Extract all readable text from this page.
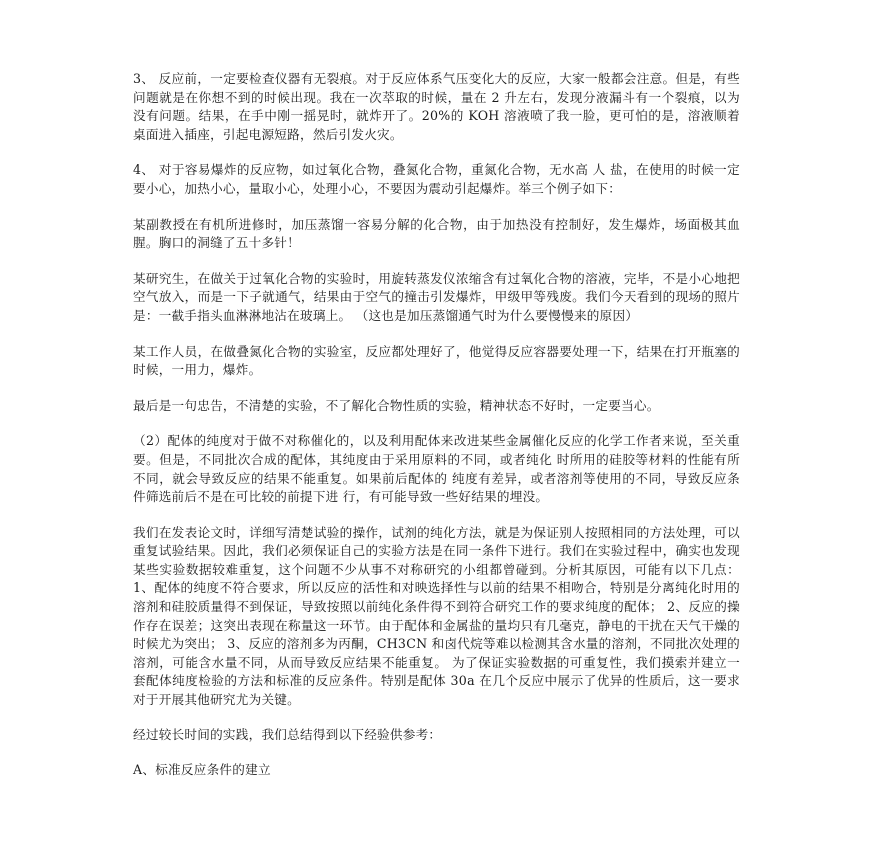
3、 反应前，一定要检查仪器有无裂痕。对于反应体系气压变化大的反应，大家一般都会注意。但是，有些问题就是在你想不到的时候出现。我在一次萃取的时候，量在 2 升左右，发现分液漏斗有一个裂痕，以为没有问题。结果，在手中刚一摇晃时，就炸开了。20%的 KOH 溶液喷了我一脸，更可怕的是，溶液顺着桌面进入插座，引起电源短路，然后引发火灾。

4、 对于容易爆炸的反应物，如过氧化合物，叠氮化合物，重氮化合物，无水高 人 盐，在使用的时候一定要小心，加热小心，量取小心，处理小心，不要因为震动引起爆炸。举三个例子如下：

某副教授在有机所进修时，加压蒸馏一容易分解的化合物，由于加热没有控制好，发生爆炸，场面极其血腥。胸口的洞缝了五十多针！

某研究生，在做关于过氧化合物的实验时，用旋转蒸发仪浓缩含有过氧化合物的溶液，完毕，不是小心地把空气放入，而是一下子就通气，结果由于空气的撞击引发爆炸，甲级甲等残废。我们今天看到的现场的照片是：一截手指头血淋淋地沾在玻璃上。 （这也是加压蒸馏通气时为什么要慢慢来的原因）

某工作人员，在做叠氮化合物的实验室，反应都处理好了，他觉得反应容器要处理一下，结果在打开瓶塞的时候，一用力，爆炸。

最后是一句忠告，不清楚的实验，不了解化合物性质的实验，精神状态不好时，一定要当心。

（2）配体的纯度对于做不对称催化的，以及利用配体来改进某些金属催化反应的化学工作者来说，至关重要。但是，不同批次合成的配体，其纯度由于采用原料的不同，或者纯化 时所用的硅胶等材料的性能有所不同，就会导致反应的结果不能重复。如果前后配体的 纯度有差异，或者溶剂等使用的不同，导致反应条件筛选前后不是在可比较的前提下进 行，有可能导致一些好结果的埋没。

我们在发表论文时，详细写清楚试验的操作，试剂的纯化方法，就是为保证别人按照相同的方法处理，可以重复试验结果。因此，我们必须保证自己的实验方法是在同一条件下进行。我们在实验过程中，确实也发现某些实验数据较难重复，这个问题不少从事不对称研究的小组都曾碰到。分析其原因，可能有以下几点： 1、配体的纯度不符合要求，所以反应的活性和对映选择性与以前的结果不相吻合，特别是分离纯化时用的溶剂和硅胶质量得不到保证，导致按照以前纯化条件得不到符合研究工作的要求纯度的配体； 2、反应的操作存在误差；这突出表现在称量这一环节。由于配体和金属盐的量均只有几毫克，静电的干扰在天气干燥的时候尤为突出； 3、反应的溶剂多为丙酮，CH3CN 和卤代烷等难以检测其含水量的溶剂，不同批次处理的溶剂，可能含水量不同，从而导致反应结果不能重复。 为了保证实验数据的可重复性，我们摸索并建立一套配体纯度检验的方法和标准的反应条件。特别是配体 30a 在几个反应中展示了优异的性质后，这一要求对于开展其他研究尤为关键。

经过较长时间的实践，我们总结得到以下经验供参考：

A、标准反应条件的建立
